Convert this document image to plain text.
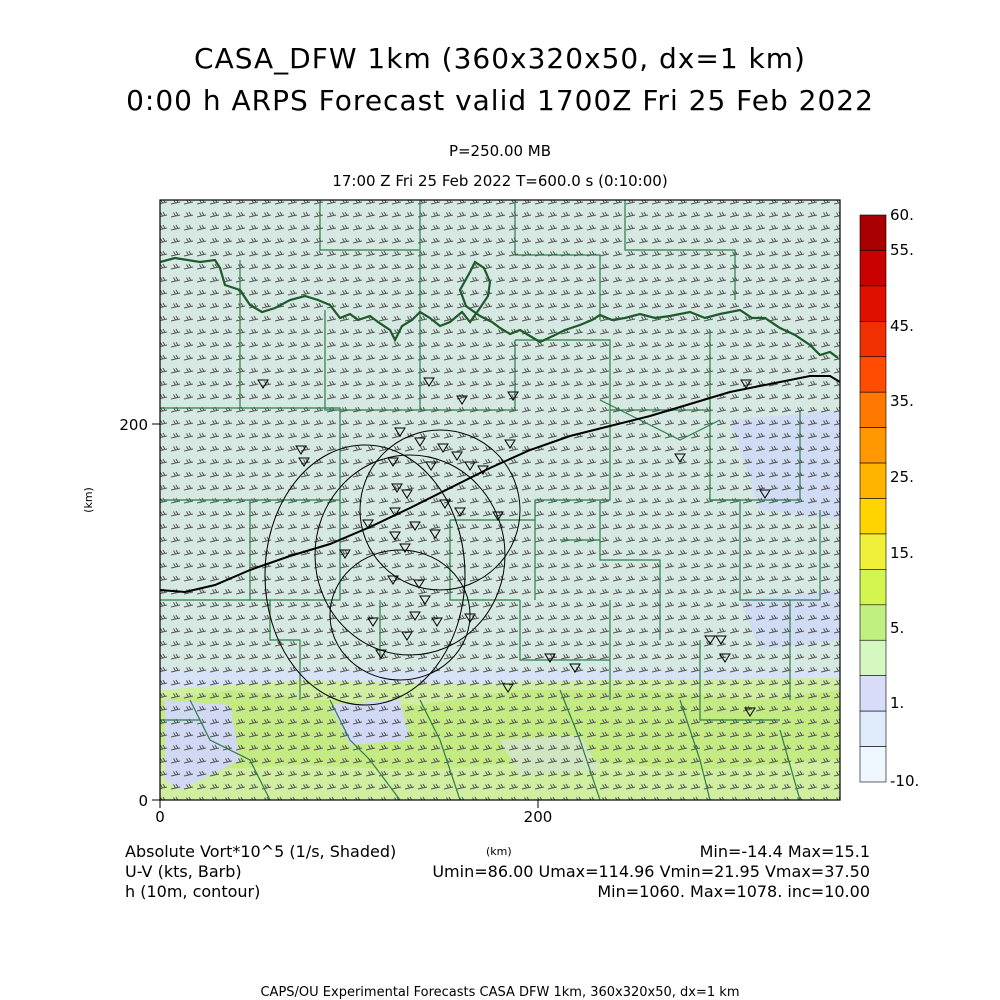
CASA_DFW 1km (360x320x50, dx=1 km)
0:00 h ARPS Forecast valid 1700Z Fri 25 Feb 2022
P=250.00 MB
17:00 Z Fri 25 Feb 2022 T=600.0 s (0:10:00)
0	200
0
200
(km)
60.
55.
45.
35.
25.
15.
5.
1.
-10.
Absolute Vort*10^5 (1/s, Shaded)	(km)	Min=-14.4 Max=15.1
U-V (kts, Barb)	Umin=86.00 Umax=114.96 Vmin=21.95 Vmax=37.50
h (10m, contour)	Min=1060. Max=1078. inc=10.00
CAPS/OU Experimental Forecasts CASA DFW 1km, 360x320x50, dx=1 km
